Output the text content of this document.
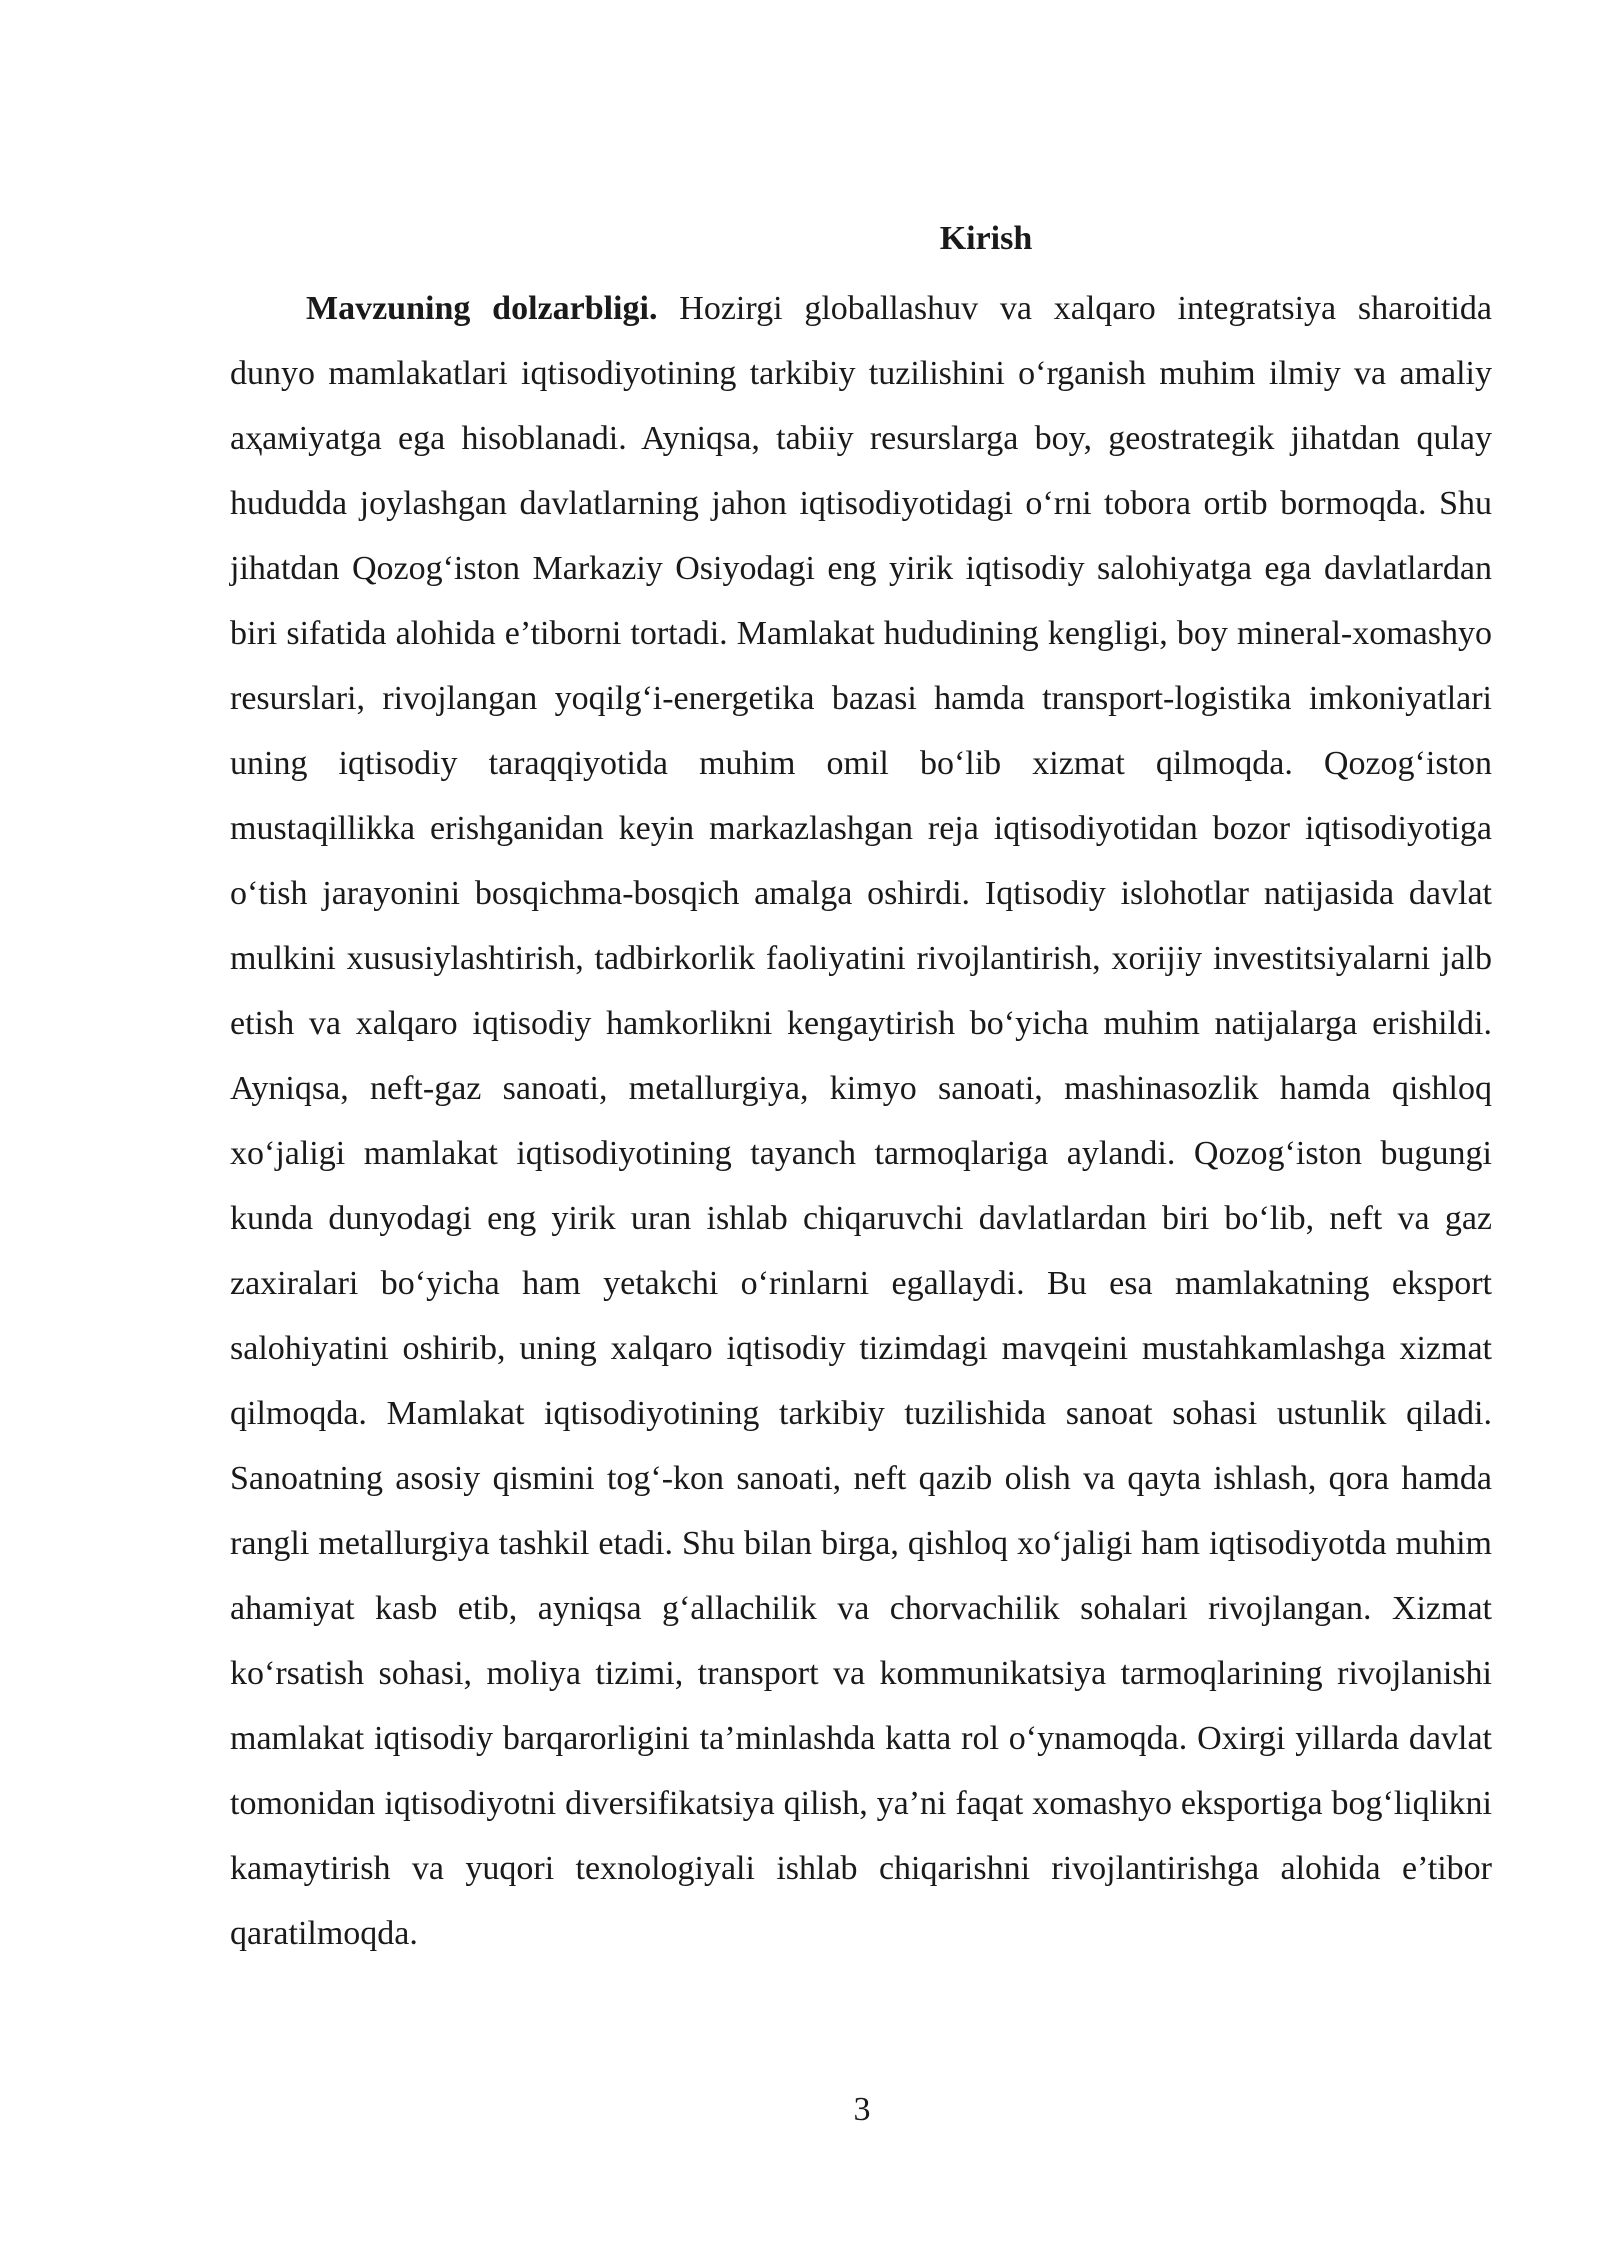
Kirish

Mavzuning dolzarbligi. Hozirgi globallashuv va xalqaro integratsiya sharoitida dunyo mamlakatlari iqtisodiyotining tarkibiy tuzilishini o‘rganish muhim ilmiy va amaliy aҳaмiyatga ega hisoblanadi. Ayniqsa, tabiiy resurslarga boy, geostrategik jihatdan qulay hududda joylashgan davlatlarning jahon iqtisodiyotidagi o‘rni tobora ortib bormoqda. Shu jihatdan Qozog‘iston Markaziy Osiyodagi eng yirik iqtisodiy salohiyatga ega davlatlardan biri sifatida alohida e’tiborni tortadi. Mamlakat hududining kengligi, boy mineral-xomashyo resurslari, rivojlangan yoqilg‘i-energetika bazasi hamda transport-logistika imkoniyatlari uning iqtisodiy taraqqiyotida muhim omil bo‘lib xizmat qilmoqda. Qozog‘iston mustaqillikka erishganidan keyin markazlashgan reja iqtisodiyotidan bozor iqtisodiyotiga o‘tish jarayonini bosqichma-bosqich amalga oshirdi. Iqtisodiy islohotlar natijasida davlat mulkini xususiylashtirish, tadbirkorlik faoliyatini rivojlantirish, xorijiy investitsiyalarni jalb etish va xalqaro iqtisodiy hamkorlikni kengaytirish bo‘yicha muhim natijalarga erishildi. Ayniqsa, neft-gaz sanoati, metallurgiya, kimyo sanoati, mashinasozlik hamda qishloq xo‘jaligi mamlakat iqtisodiyotining tayanch tarmoqlariga aylandi. Qozog‘iston bugungi kunda dunyodagi eng yirik uran ishlab chiqaruvchi davlatlardan biri bo‘lib, neft va gaz zaxiralari bo‘yicha ham yetakchi o‘rinlarni egallaydi. Bu esa mamlakatning eksport salohiyatini oshirib, uning xalqaro iqtisodiy tizimdagi mavqeini mustahkamlashga xizmat qilmoqda. Mamlakat iqtisodiyotining tarkibiy tuzilishida sanoat sohasi ustunlik qiladi. Sanoatning asosiy qismini tog‘-kon sanoati, neft qazib olish va qayta ishlash, qora hamda rangli metallurgiya tashkil etadi. Shu bilan birga, qishloq xo‘jaligi ham iqtisodiyotda muhim ahamiyat kasb etib, ayniqsa g‘allachilik va chorvachilik sohalari rivojlangan. Xizmat ko‘rsatish sohasi, moliya tizimi, transport va kommunikatsiya tarmoqlarining rivojlanishi mamlakat iqtisodiy barqarorligini ta’minlashda katta rol o‘ynamoqda. Oxirgi yillarda davlat tomonidan iqtisodiyotni diversifikatsiya qilish, ya’ni faqat xomashyo eksportiga bog‘liqlikni kamaytirish va yuqori texnologiyali ishlab chiqarishni rivojlantirishga alohida e’tibor qaratilmoqda.

3
